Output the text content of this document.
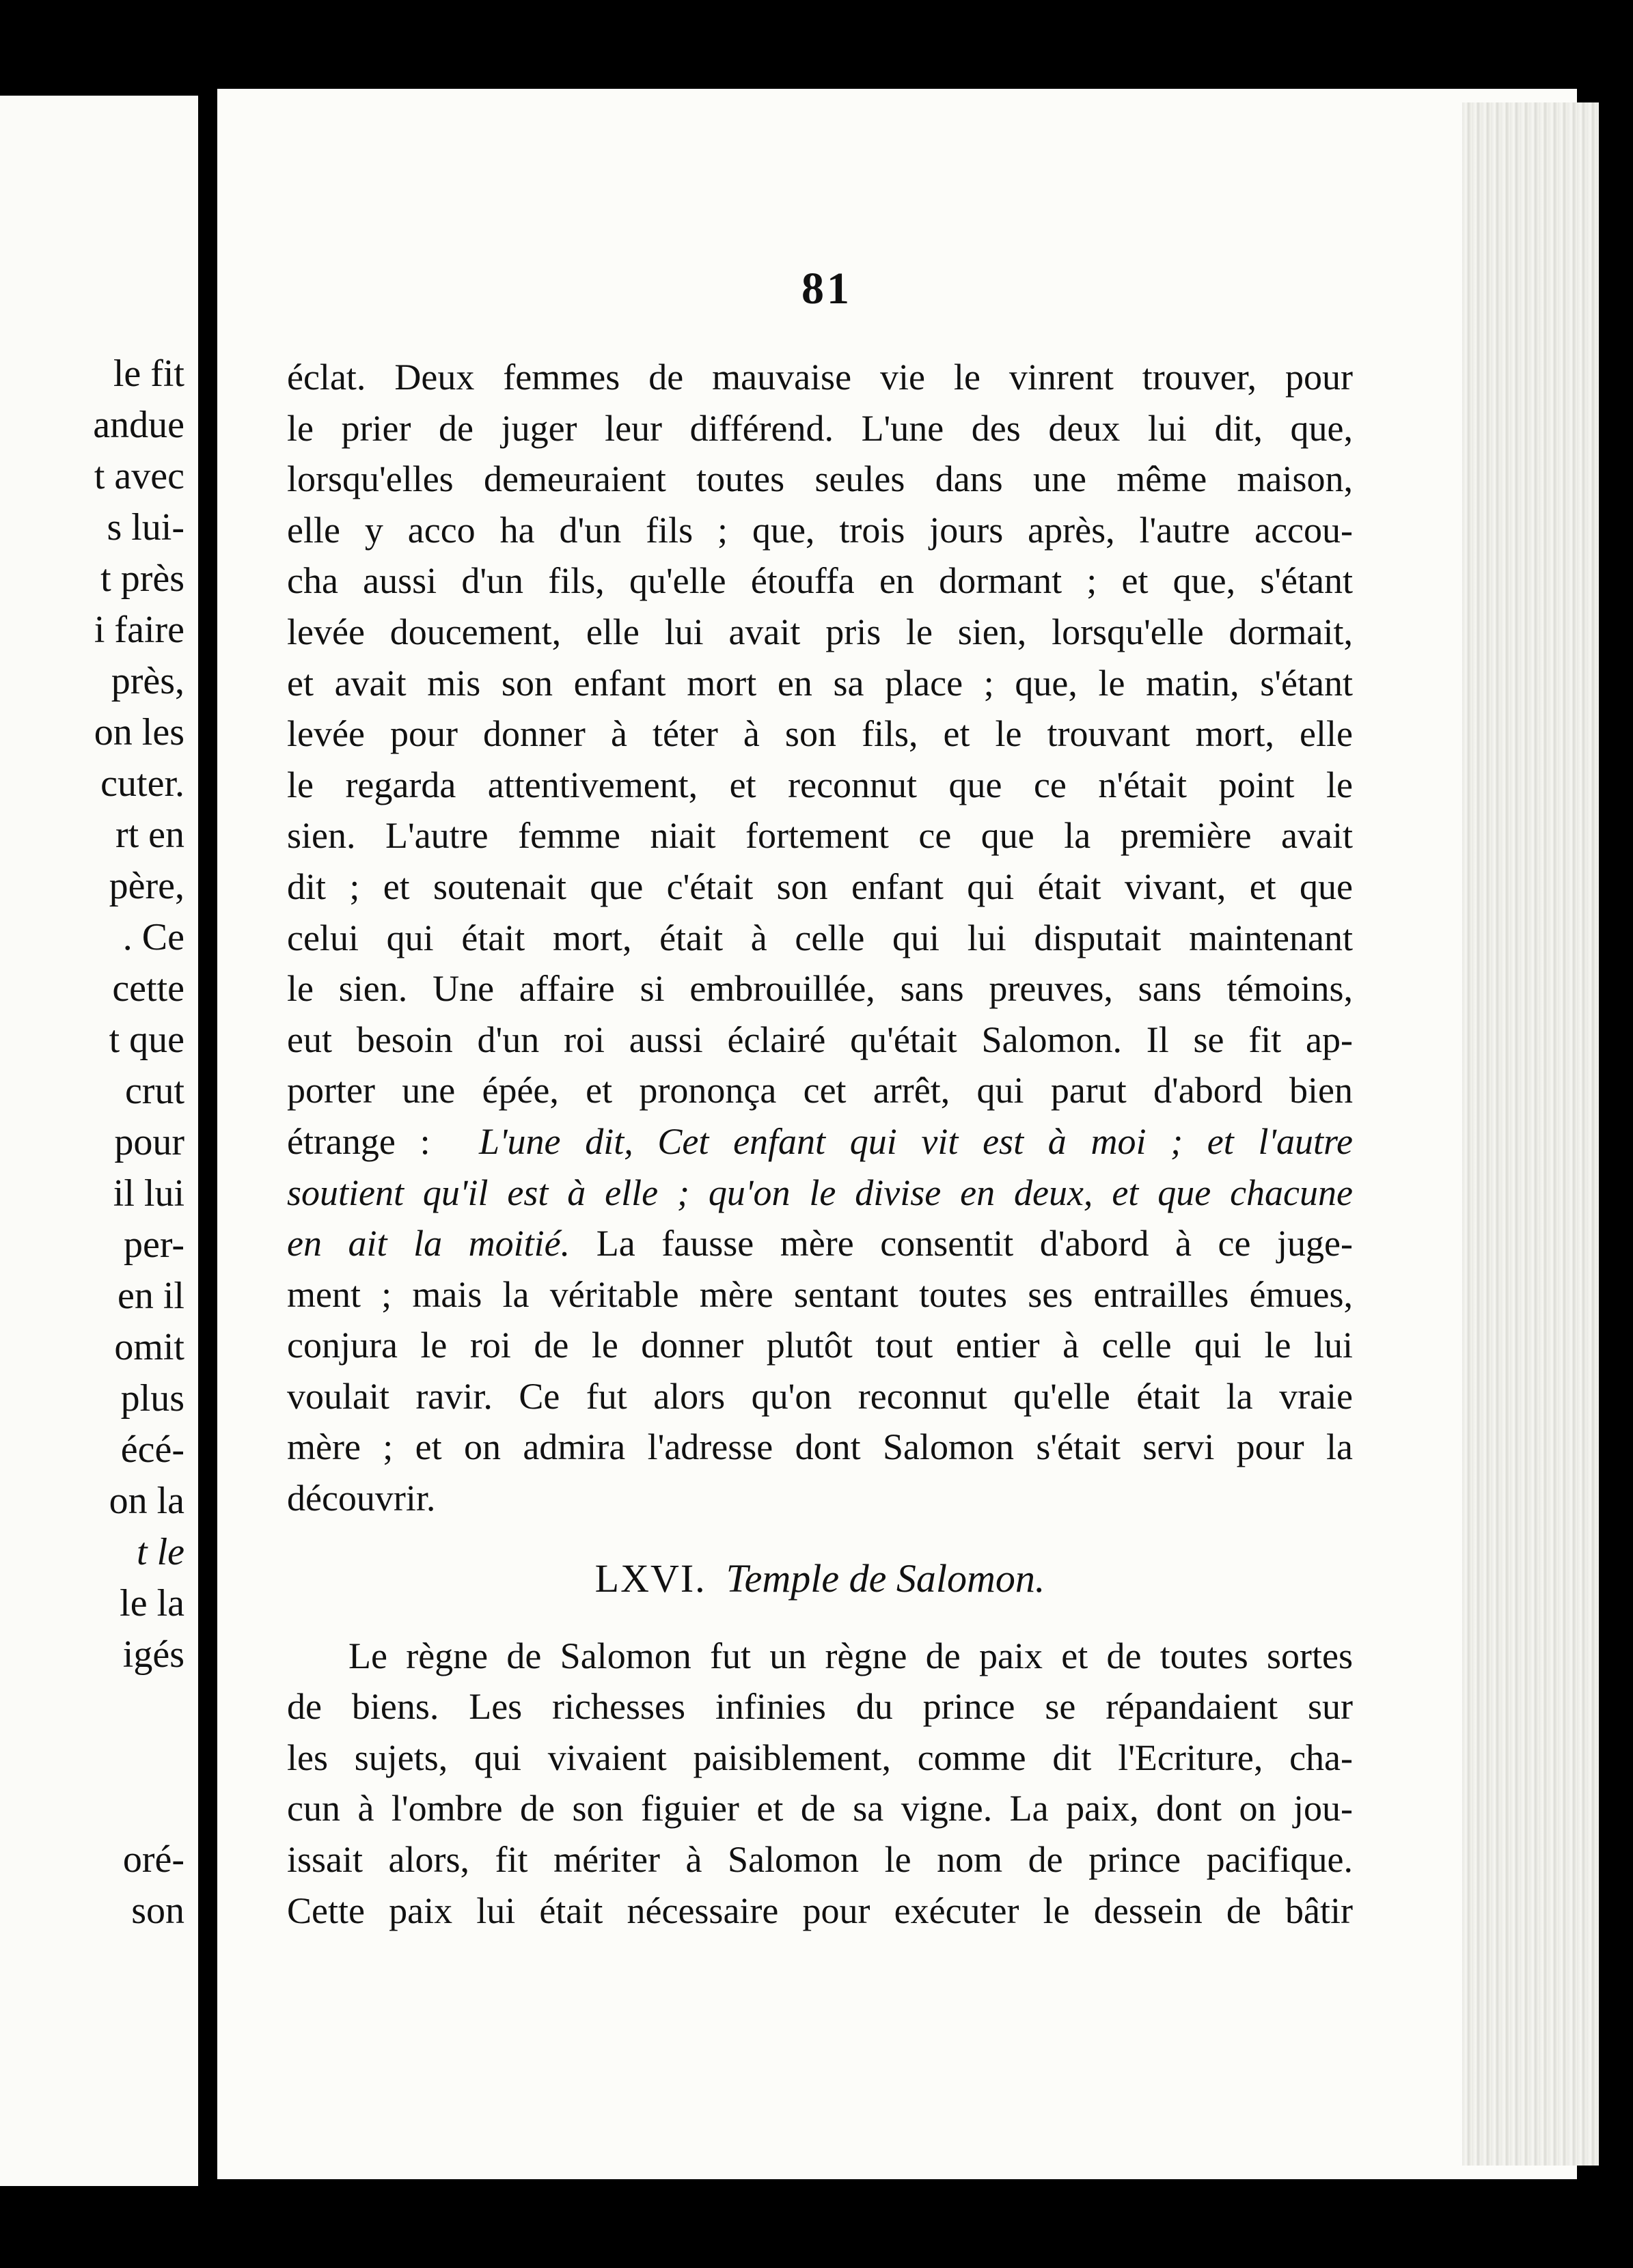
le fit
andue
t avec
s lui-
t près
i faire
près,
on les
cuter.
rt en
père,
. Ce
cette
t que
crut
pour
il lui
per-
en il
omit
plus
écé-
on la
t le
le la
igés

oré-
son
81
éclat. Deux femmes de mauvaise vie le vinrent trouver, pour
le prier de juger leur différend. L'une des deux lui dit, que,
lorsqu'elles demeuraient toutes seules dans une même maison,
elle y acco ha d'un fils ; que, trois jours après, l'autre accou-
cha aussi d'un fils, qu'elle étouffa en dormant ; et que, s'étant
levée doucement, elle lui avait pris le sien, lorsqu'elle dormait,
et avait mis son enfant mort en sa place ; que, le matin, s'étant
levée pour donner à téter à son fils, et le trouvant mort, elle
le regarda attentivement, et reconnut que ce n'était point le
sien. L'autre femme niait fortement ce que la première avait
dit ; et soutenait que c'était son enfant qui était vivant, et que
celui qui était mort, était à celle qui lui disputait maintenant
le sien. Une affaire si embrouillée, sans preuves, sans témoins,
eut besoin d'un roi aussi éclairé qu'était Salomon. Il se fit ap-
porter une épée, et prononça cet arrêt, qui parut d'abord bien
étrange : L'une dit, Cet enfant qui vit est à moi ; et l'autre
soutient qu'il est à elle ; qu'on le divise en deux, et que chacune
en ait la moitié. La fausse mère consentit d'abord à ce juge-
ment ; mais la véritable mère sentant toutes ses entrailles émues,
conjura le roi de le donner plutôt tout entier à celle qui le lui
voulait ravir. Ce fut alors qu'on reconnut qu'elle était la vraie
mère ; et on admira l'adresse dont Salomon s'était servi pour la
découvrir.
LXVI. Temple de Salomon.
Le règne de Salomon fut un règne de paix et de toutes sortes
de biens. Les richesses infinies du prince se répandaient sur
les sujets, qui vivaient paisiblement, comme dit l'Ecriture, cha-
cun à l'ombre de son figuier et de sa vigne. La paix, dont on jou-
issait alors, fit mériter à Salomon le nom de prince pacifique.
Cette paix lui était nécessaire pour exécuter le dessein de bâtir
